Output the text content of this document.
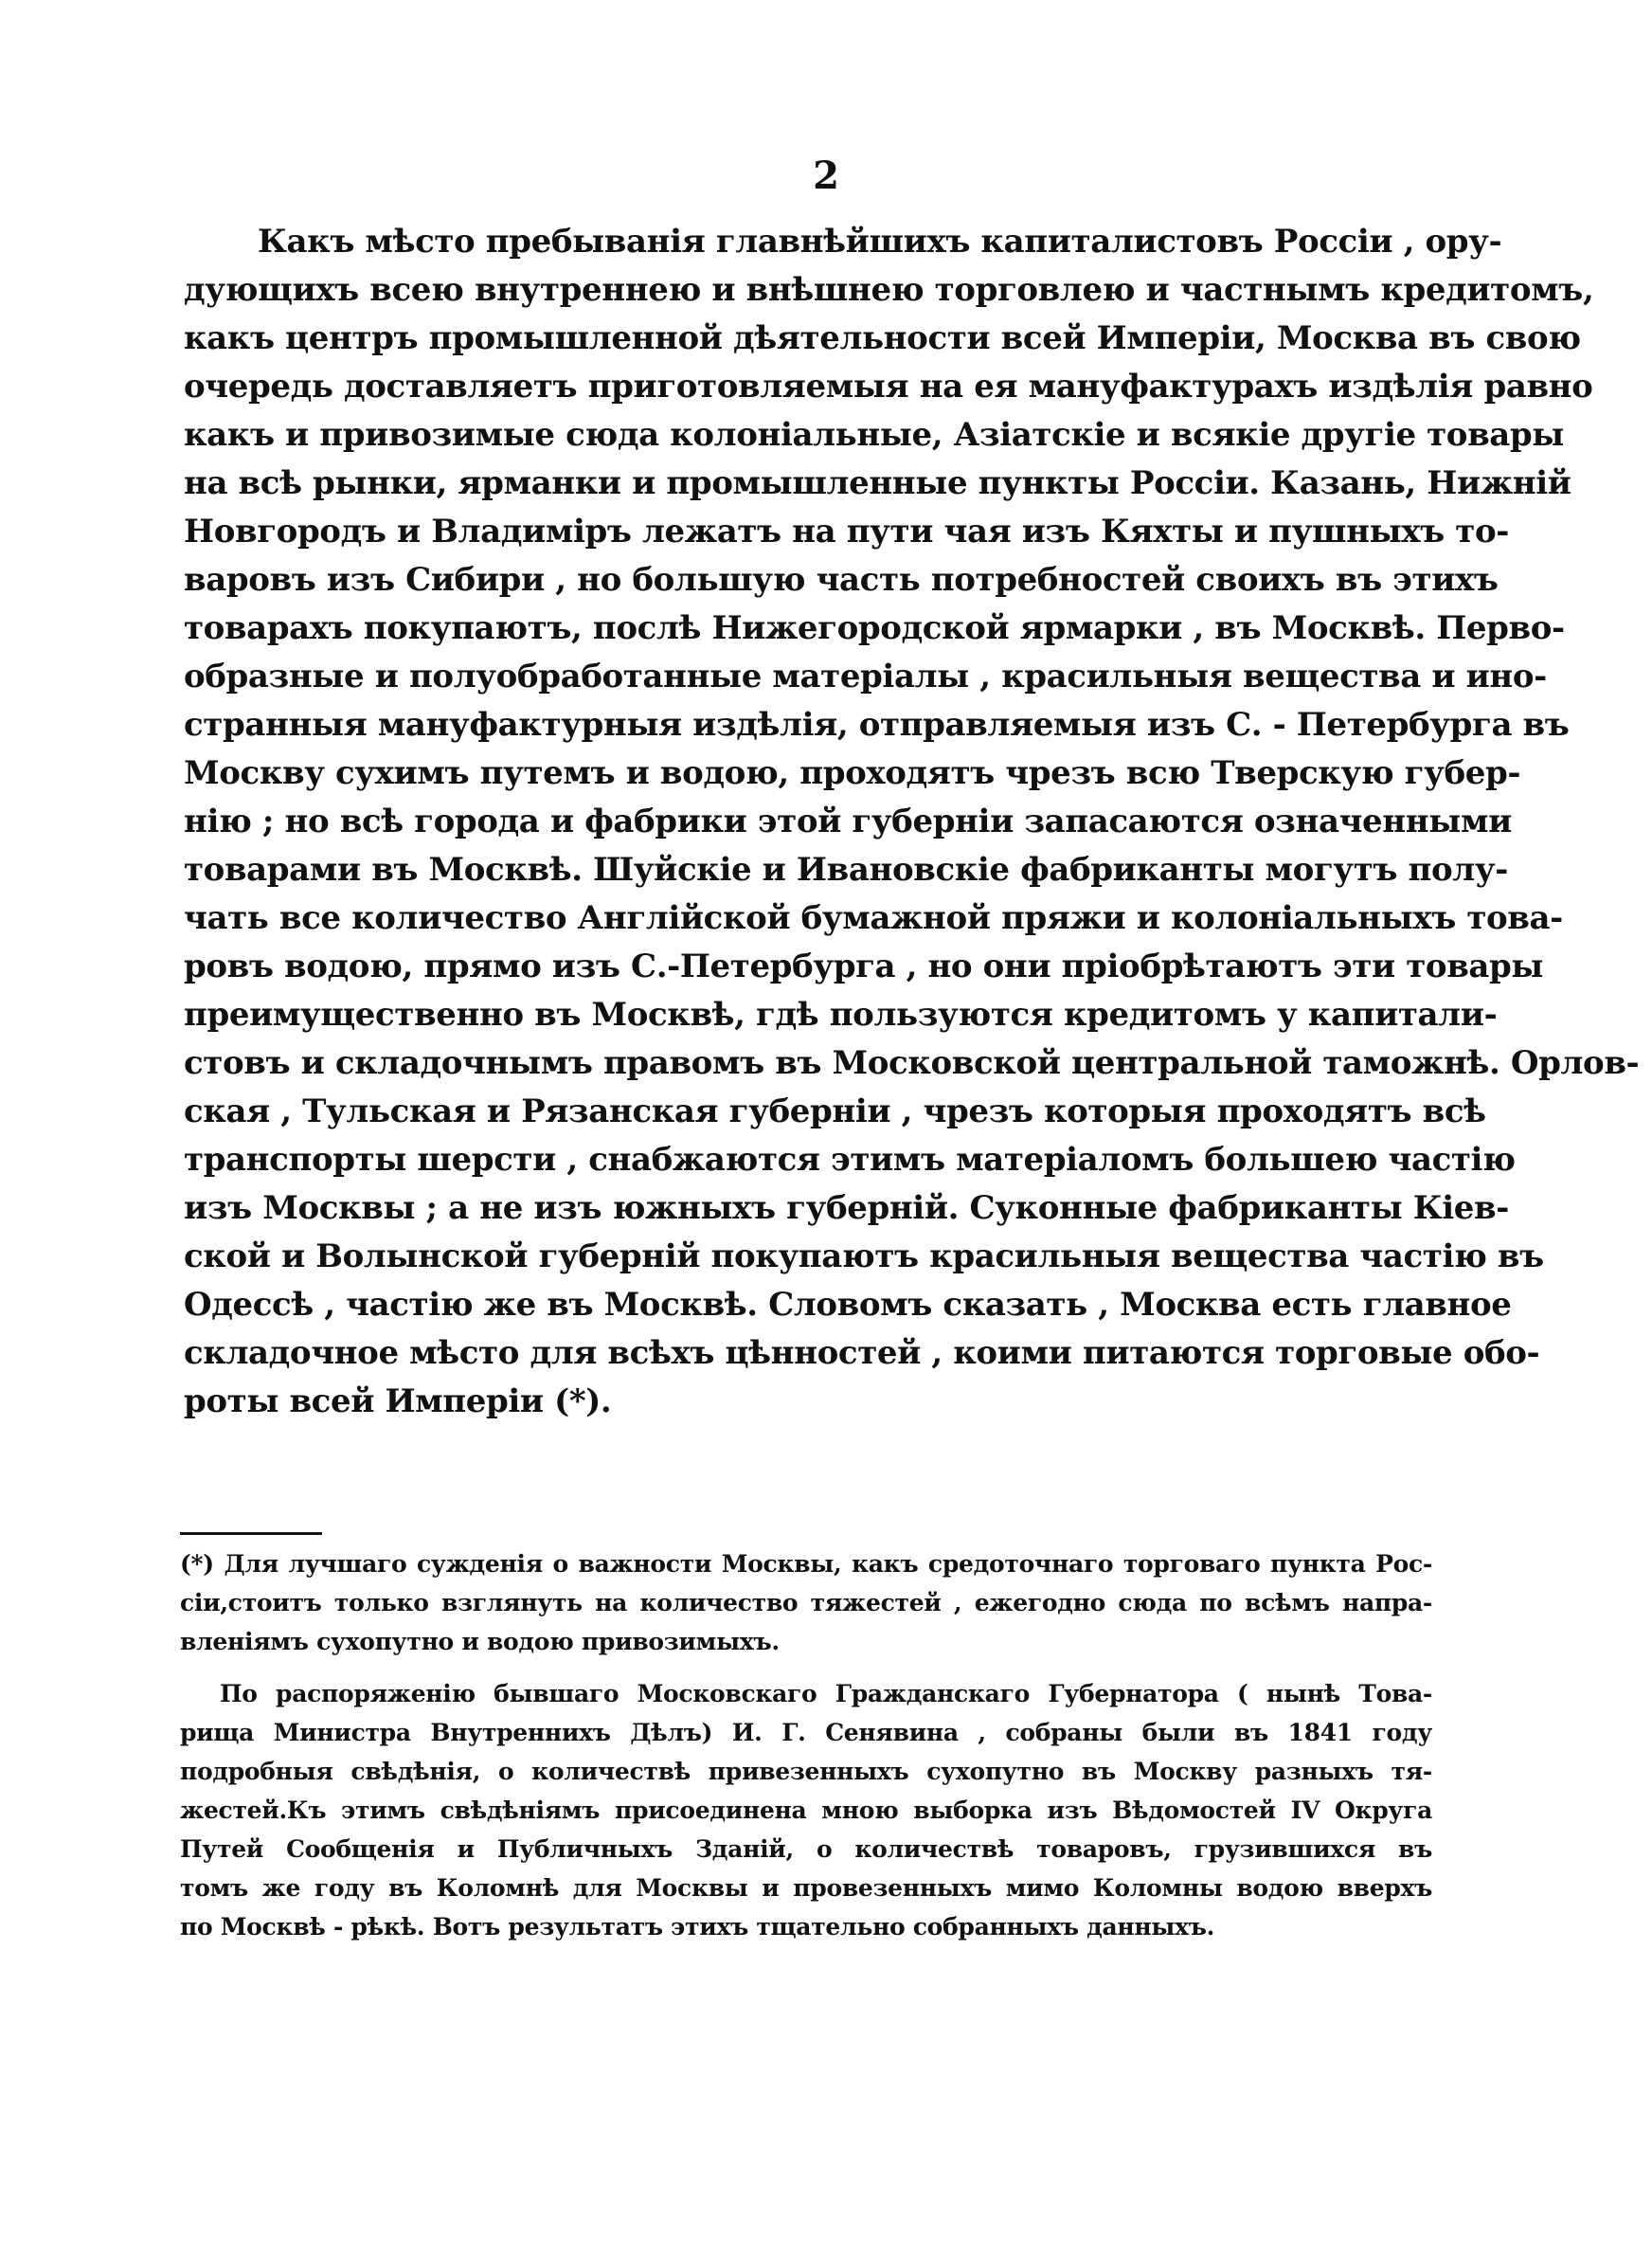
2
Какъ мѣсто пребыванія главнѣйшихъ капиталистовъ Россіи , ору-
дующихъ всею внутреннею и внѣшнею торговлею и частнымъ кредитомъ,
какъ центръ промышленной дѣятельности всей Имперіи, Москва въ свою
очередь доставляетъ приготовляемыя на ея мануфактурахъ издѣлія равно
какъ и привозимые сюда колоніальные, Азіатскіе и всякіе другіе товары
на всѣ рынки, ярманки и промышленные пункты Россіи. Казань, Нижній
Новгородъ и Владиміръ лежатъ на пути чая изъ Кяхты и пушныхъ то-
варовъ изъ Сибири , но большую часть потребностей своихъ въ этихъ
товарахъ покупаютъ, послѣ Нижегородской ярмарки , въ Москвѣ. Перво-
образные и полуобработанные матеріалы , красильныя вещества и ино-
странныя мануфактурныя издѣлія, отправляемыя изъ С. - Петербурга въ
Москву сухимъ путемъ и водою, проходятъ чрезъ всю Тверскую губер-
нію ; но всѣ города и фабрики этой губерніи запасаются означенными
товарами въ Москвѣ. Шуйскіе и Ивановскіе фабриканты могутъ полу-
чать все количество Англійской бумажной пряжи и колоніальныхъ това-
ровъ водою, прямо изъ С.-Петербурга , но они пріобрѣтаютъ эти товары
преимущественно въ Москвѣ, гдѣ пользуются кредитомъ у капитали-
стовъ и складочнымъ правомъ въ Московской центральной таможнѣ. Орлов-
ская , Тульская и Рязанская губерніи , чрезъ которыя проходятъ всѣ
транспорты шерсти , снабжаются этимъ матеріаломъ большею частію
изъ Москвы ; а не изъ южныхъ губерній. Суконные фабриканты Кіев-
ской и Волынской губерній покупаютъ красильныя вещества частію въ
Одессѣ , частію же въ Москвѣ. Словомъ сказать , Москва есть главное
складочное мѣсто для всѣхъ цѣнностей , коими питаются торговые обо-
роты всей Имперіи (*).
(*) Для лучшаго сужденія о важности Москвы, какъ средоточнаго торговаго пункта Рос-
сіи,стоитъ только взглянуть на количество тяжестей , ежегодно сюда по всѣмъ напра-
вленіямъ сухопутно и водою привозимыхъ.
По распоряженію бывшаго Московскаго Гражданскаго Губернатора ( нынѣ Това-
рища Министра Внутреннихъ Дѣлъ) И. Г. Сенявина , собраны были въ 1841 году
подробныя свѣдѣнія, о количествѣ привезенныхъ сухопутно въ Москву разныхъ тя-
жестей.Къ этимъ свѣдѣніямъ присоединена мною выборка изъ Вѣдомостей IV Округа
Путей Сообщенія и Публичныхъ Зданій, о количествѣ товаровъ, грузившихся въ
томъ же году въ Коломнѣ для Москвы и провезенныхъ мимо Коломны водою вверхъ
по Москвѣ - рѣкѣ. Вотъ результатъ этихъ тщательно собранныхъ данныхъ.
